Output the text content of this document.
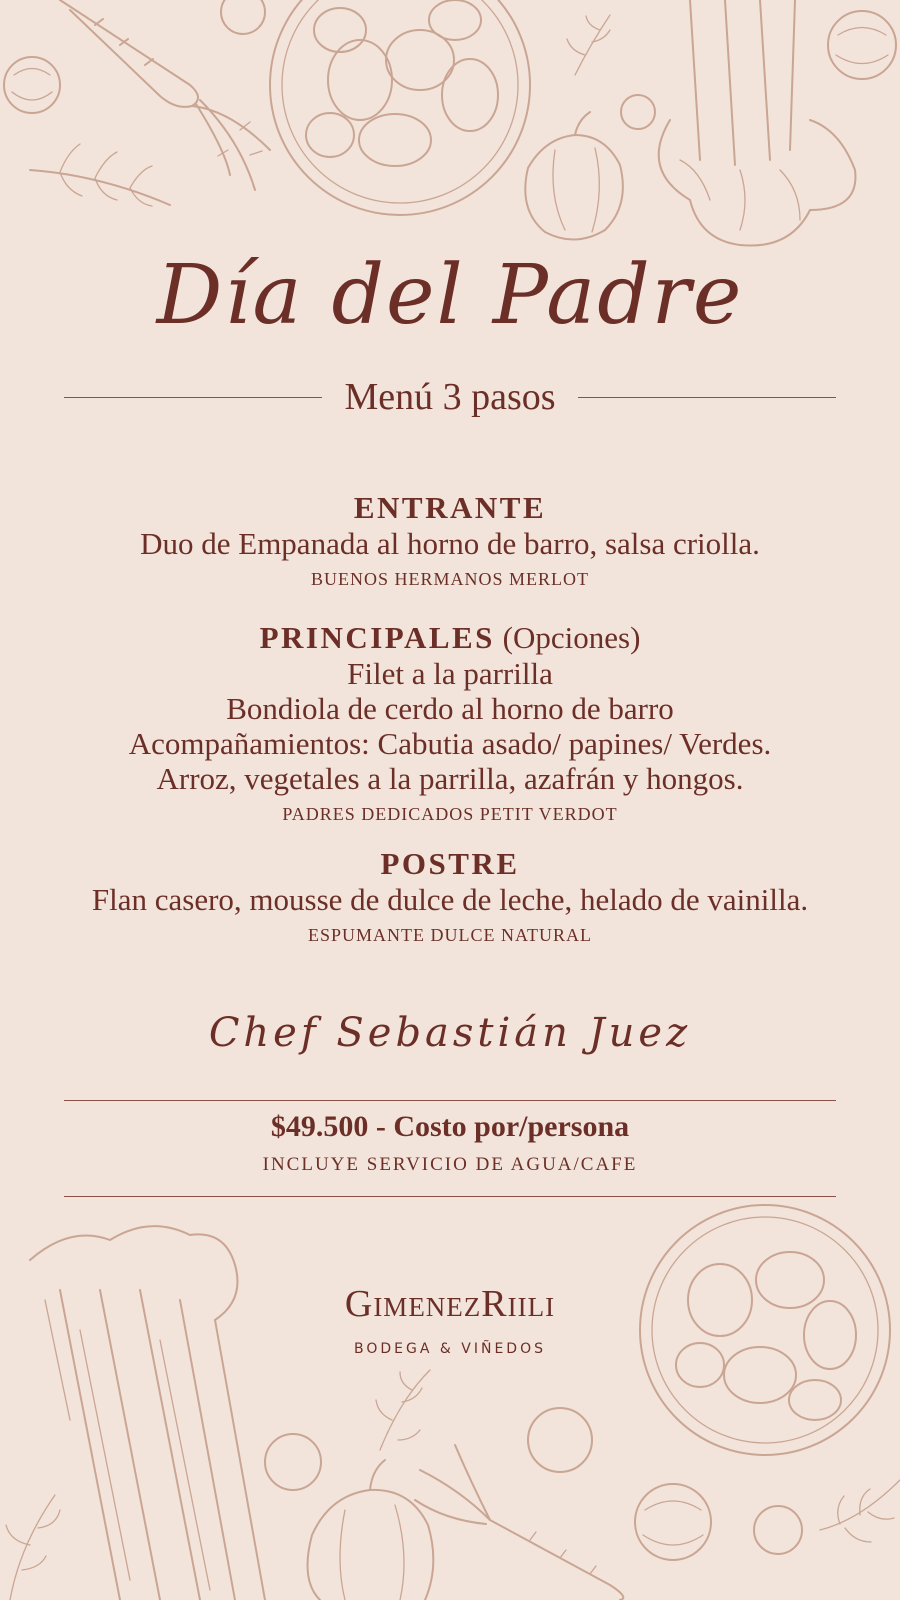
Día del Padre
Menú 3 pasos
ENTRANTE
Duo de Empanada al horno de barro, salsa criolla.
BUENOS HERMANOS MERLOT
PRINCIPALES (Opciones)
Filet a la parrilla
Bondiola de cerdo al horno de barro
Acompañamientos: Cabutia asado/ papines/ Verdes.
Arroz, vegetales a la parrilla, azafrán y hongos.
PADRES DEDICADOS PETIT VERDOT
POSTRE
Flan casero, mousse de dulce de leche, helado de vainilla.
ESPUMANTE DULCE NATURAL
Chef Sebastián Juez
$49.500 - Costo por/persona
INCLUYE SERVICIO DE AGUA/CAFE
GimenezRiili
BODEGA & VIÑEDOS
